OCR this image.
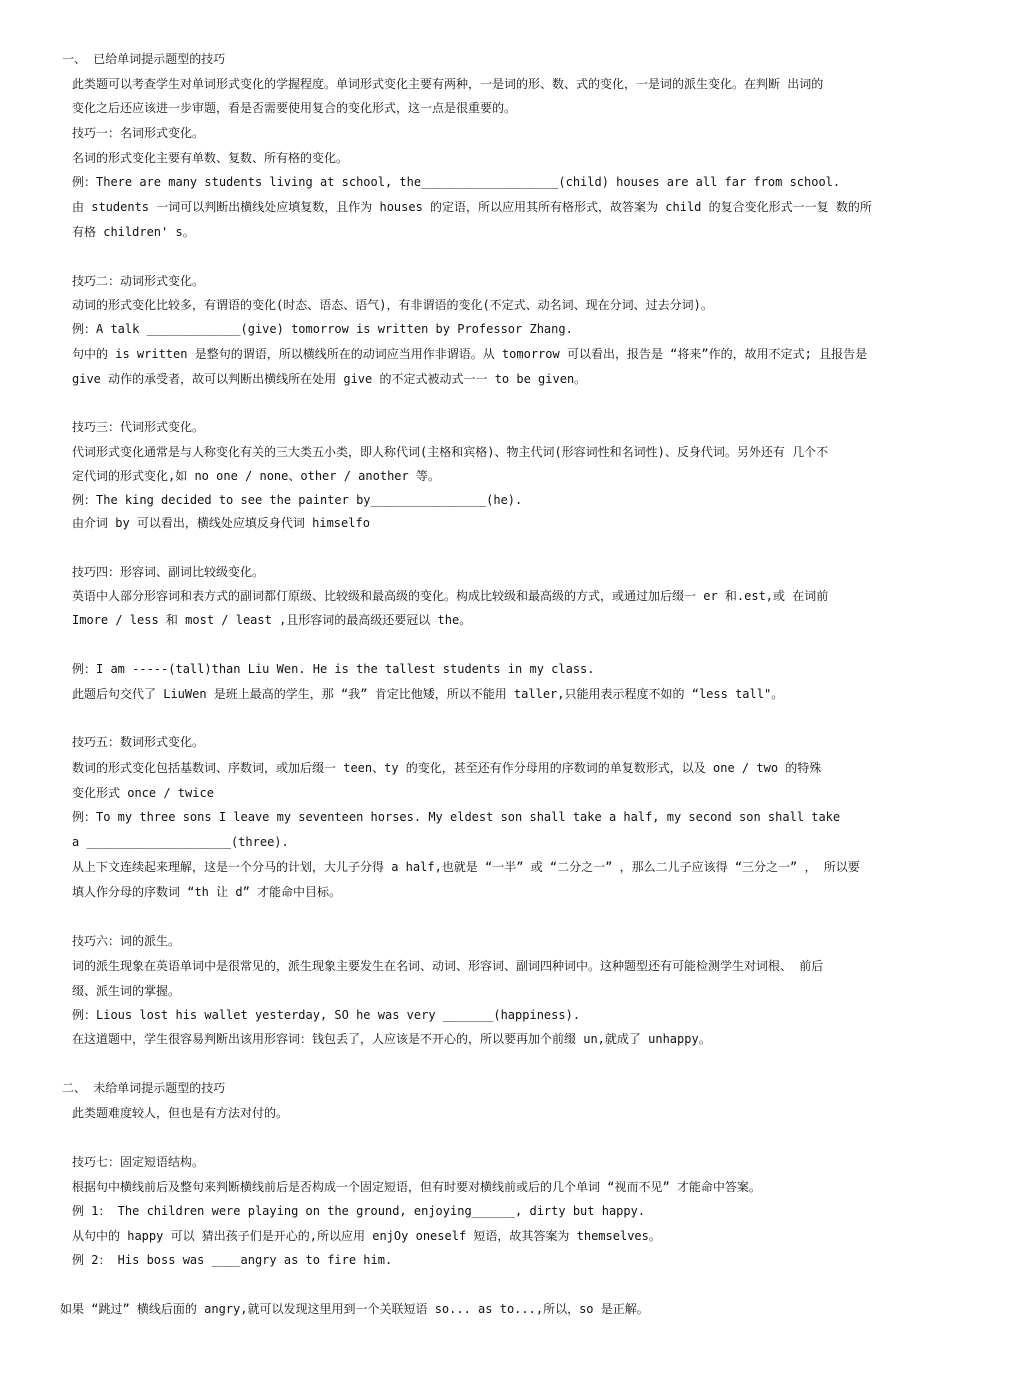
一、 已给单词提示题型的技巧
此类题可以考查学生对单词形式变化的学握程度。单词形式变化主要有两种，一是词的形、数、式的变化，一是词的派生变化。在判断 出词的
变化之后还应该进一步审题，看是否需要使用复合的变化形式，这一点是很重要的。
技巧一：名词形式变化。
名词的形式变化主要有单数、复数、所有格的变化。
例：There are many students living at school, the___________________(child) houses are all far from school.
由 students 一词可以判断出横线处应填复数，且作为 houses 的定语，所以应用其所有格形式，故答案为 child 的复合变化形式一一复 数的所
有格 children' s。
技巧二：动词形式变化。
动词的形式变化比较多，有谓语的变化(时态、语态、语气)，有非谓语的变化(不定式、动名词、现在分词、过去分词)。
例：A talk _____________(give) tomorrow is written by Professor Zhang.
句中的 is written 是整句的谓语，所以横线所在的动词应当用作非谓语。从 tomorrow 可以看出，报告是 “将来”作的，故用不定式; 且报告是
give 动作的承受者，故可以判断出横线所在处用 give 的不定式被动式一一 to be given。
技巧三：代词形式变化。
代词形式变化通常是与人称变化有关的三大类五小类，即人称代词(主格和宾格)、物主代词(形容词性和名词性)、反身代词。另外还有 几个不
定代词的形式变化,如 no one / none、other / another 等。
例：The king decided to see the painter by________________(he).
由介词 by 可以看出，横线处应填反身代词 himselfo
技巧四：形容词、副词比较级变化。
英语中人部分形容词和表方式的副词都仃原级、比较级和最高级的变化。构成比较级和最高级的方式，或通过加后缀一 er 和.est,或 在词前
Imore / less 和 most / least ,且形容词的最高级还要冠以 the。
例：I am -----(tall)than Liu Wen. He is the tallest students in my class.
此题后句交代了 LiuWen 是班上最高的学生，那 “我” 肯定比他矮，所以不能用 taller,只能用表示程度不如的 “less tall"。
技巧五：数词形式变化。
数词的形式变化包括基数词、序数词，或加后缀一 teen、ty 的变化，甚至还有作分母用的序数词的单复数形式，以及 one / two 的特殊
变化形式 once / twice
例：To my three sons I leave my seventeen horses. My eldest son shall take a half, my second son shall take
a ____________________(three).
从上下文连续起来理解，这是一个分马的计划，大儿子分得 a half,也就是 “一半” 或 “二分之一” ，那么二儿子应该得 “三分之一” ， 所以要
填人作分母的序数词 “th 让 d” 才能命中目标。
技巧六：词的派生。
词的派生现象在英语单词中是很常见的，派生现象主要发生在名词、动词、形容词、副词四种词中。这种题型还有可能检测学生对词根、 前后
缀、派生词的掌握。
例：Lious lost his wallet yesterday, SO he was very _______(happiness).
在这道题中，学生很容易判断出该用形容词：钱包丢了，人应该是不开心的，所以要再加个前缀 un,就成了 unhappy。
二、 未给单词提示题型的技巧
此类题难度较人，但也是有方法对付的。
技巧七：固定短语结构。
根据句中横线前后及整句来判断横线前后是否构成一个固定短语，但有时要对横线前或后的几个单词 “视而不见” 才能命中答案。
例 1： The children were playing on the ground, enjoying______, dirty but happy.
从句中的 happy 可以 猜出孩子们是开心的,所以应用 enjOy oneself 短语，故其答案为 themselves。
例 2： His boss was ____angry as to fire him.
如果 “跳过” 横线后面的 angry,就可以发现这里用到一个关联短语 so... as to...,所以，so 是正解。
